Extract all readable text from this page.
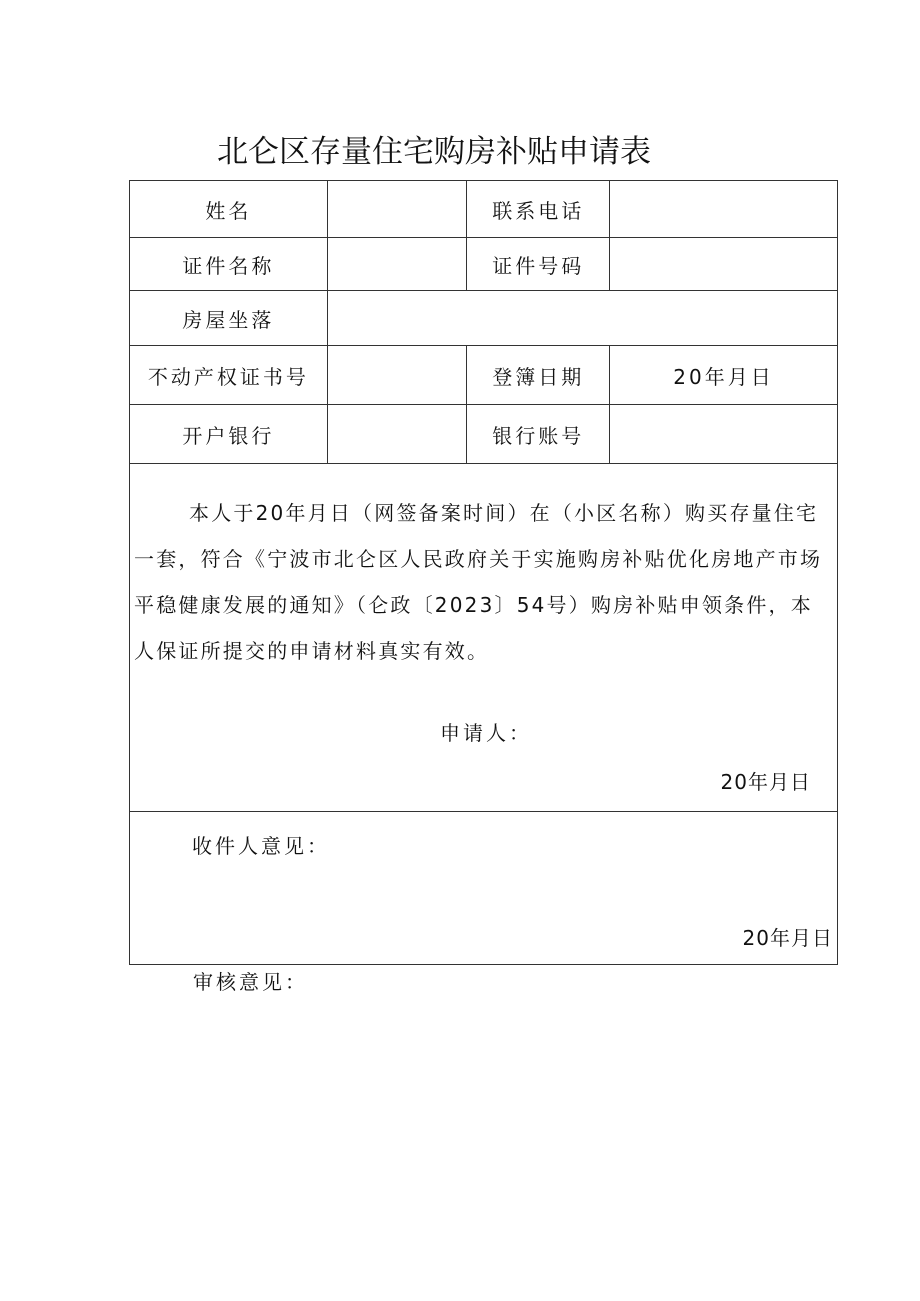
北仑区存量住宅购房补贴申请表
姓名		联系电话	
证件名称		证件号码	
房屋坐落			
不动产权证书号		登簿日期	20年月日
开户银行		银行账号	

本人于20年月日（网签备案时间）在（小区名称）购买存量住宅一套，符合《宁波市北仑区人民政府关于实施购房补贴优化房地产市场平稳健康发展的通知》（仑政〔2023〕54号）购房补贴申领条件，本人保证所提交的申请材料真实有效。

申请人：
20年月日			

收件人意见：
20年月日			
审核意见：
